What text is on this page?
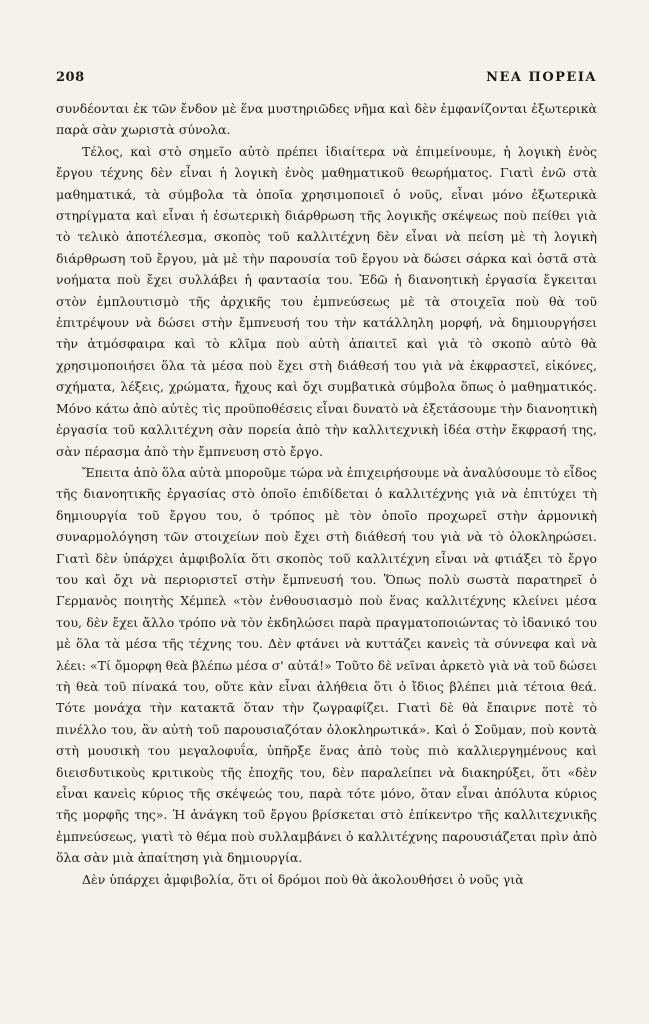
208	ΝΕΑ ΠΟΡΕΙΑ

συνδέονται ἐκ τῶν ἔνδον μὲ ἕνα μυστηριῶδες νῆμα καὶ δὲν ἐμφανίζονται ἐξωτερικὰ παρὰ σὰν χωριστὰ σύνολα.

Τέλος, καὶ στὸ σημεῖο αὐτὸ πρέπει ἰδιαίτερα νὰ ἐπιμείνουμε, ἡ λογικὴ ἑνὸς ἔργου τέχνης δὲν εἶναι ἡ λογικὴ ἑνὸς μαθηματικοῦ θεωρήματος. Γιατὶ ἐνῶ στὰ μαθηματικά, τὰ σύμβολα τὰ ὁποῖα χρησιμοποιεῖ ὁ νοῦς, εἶναι μόνο ἐξωτερικὰ στηρίγματα καὶ εἶναι ἡ ἐσωτερικὴ διάρθρωση τῆς λογικῆς σκέψεως ποὺ πείθει γιὰ τὸ τελικὸ ἀποτέλεσμα, σκοπὸς τοῦ καλλιτέχνη δὲν εἶναι νὰ πείση μὲ τὴ λογικὴ διάρθρωση τοῦ ἔργου, μὰ μὲ τὴν παρουσία τοῦ ἔργου νὰ δώσει σάρκα καὶ ὀστᾶ στὰ νοήματα ποὺ ἔχει συλλάβει ἡ φαντασία του. Ἐδῶ ἡ διανοητικὴ ἐργασία ἔγκειται στὸν ἐμπλουτισμὸ τῆς ἀρχικῆς του ἐμπνεύσεως μὲ τὰ στοιχεῖα ποὺ θὰ τοῦ ἐπιτρέψουν νὰ δώσει στὴν ἔμπνευσή του τὴν κατάλληλη μορφή, νὰ δημιουργήσει τὴν ἀτμόσφαιρα καὶ τὸ κλῖμα ποὺ αὐτὴ ἀπαιτεῖ καὶ γιὰ τὸ σκοπὸ αὐτὸ θὰ χρησιμοποιήσει ὅλα τὰ μέσα ποὺ ἔχει στὴ διάθεσή του γιὰ νὰ ἐκφραστεῖ, εἰκόνες, σχήματα, λέξεις, χρώματα, ἤχους καὶ ὄχι συμβατικὰ σύμβολα ὅπως ὁ μαθηματικός. Μόνο κάτω ἀπὸ αὐτὲς τὶς προϋποθέσεις εἶναι δυνατὸ νὰ ἐξετάσουμε τὴν διανοητικὴ ἐργασία τοῦ καλλιτέχνη σὰν πορεία ἀπὸ τὴν καλλιτεχνικὴ ἰδέα στὴν ἔκφρασή της, σὰν πέρασμα ἀπὸ τὴν ἔμπνευση στὸ ἔργο.

Ἔπειτα ἀπὸ ὅλα αὐτὰ μποροῦμε τώρα νὰ ἐπιχειρήσουμε νὰ ἀναλύσουμε τὸ εἶδος τῆς διανοητικῆς ἐργασίας στὸ ὁποῖο ἐπιδίδεται ὁ καλλιτέχνης γιὰ νὰ ἐπιτύχει τὴ δημιουργία τοῦ ἔργου του, ὁ τρόπος μὲ τὸν ὁποῖο προχωρεῖ στὴν ἁρμονικὴ συναρμολόγηση τῶν στοιχείων ποὺ ἔχει στὴ διάθεσή του γιὰ νὰ τὸ ὁλοκληρώσει. Γιατὶ δὲν ὑπάρχει ἀμφιβολία ὅτι σκοπὸς τοῦ καλλιτέχνη εἶναι νὰ φτιάξει τὸ ἔργο του καὶ ὄχι νὰ περιοριστεῖ στὴν ἔμπνευσή του. Ὅπως πολὺ σωστὰ παρατηρεῖ ὁ Γερμανὸς ποιητὴς Χέμπελ «τὸν ἐνθουσιασμὸ ποὺ ἕνας καλλιτέχνης κλείνει μέσα του, δὲν ἔχει ἄλλο τρόπο νὰ τὸν ἐκδηλώσει παρὰ πραγματοποιώντας τὸ ἰδανικό του μὲ ὅλα τὰ μέσα τῆς τέχνης του. Δὲν φτάνει νὰ κυττάζει κανεὶς τὰ σύννεφα καὶ νὰ λέει: «Τί ὄμορφη θεὰ βλέπω μέσα σ' αὐτά!» Τοῦτο δὲ νεῖναι ἀρκετὸ γιὰ νὰ τοῦ δώσει τὴ θεὰ τοῦ πίνακά του, οὔτε κὰν εἶναι ἀλήθεια ὅτι ὁ ἴδιος βλέπει μιὰ τέτοια θεά. Τότε μονάχα τὴν κατακτᾶ ὅταν τὴν ζωγραφίζει. Γιατὶ δὲ θὰ ἔπαιρνε ποτὲ τὸ πινέλλο του, ἂν αὐτὴ τοῦ παρουσιαζόταν ὁλοκληρωτικά». Καὶ ὁ Σοῦμαν, ποὺ κοντὰ στὴ μουσικὴ του μεγαλοφυΐα, ὑπῆρξε ἕνας ἀπὸ τοὺς πιὸ καλλιεργημένους καὶ διεισδυτικοὺς κριτικοὺς τῆς ἐποχῆς του, δὲν παραλείπει νὰ διακηρύξει, ὅτι «δὲν εἶναι κανεὶς κύριος τῆς σκέψεώς του, παρὰ τότε μόνο, ὅταν εἶναι ἀπόλυτα κύριος τῆς μορφῆς της». Ἡ ἀνάγκη τοῦ ἔργου βρίσκεται στὸ ἐπίκεντρο τῆς καλλιτεχνικῆς ἐμπνεύσεως, γιατὶ τὸ θέμα ποὺ συλλαμβάνει ὁ καλλιτέχνης παρουσιάζεται πρὶν ἀπὸ ὅλα σὰν μιὰ ἀπαίτηση γιὰ δημιουργία.

Δὲν ὑπάρχει ἀμφιβολία, ὅτι οἱ δρόμοι ποὺ θὰ ἀκολουθήσει ὁ νοῦς γιὰ
